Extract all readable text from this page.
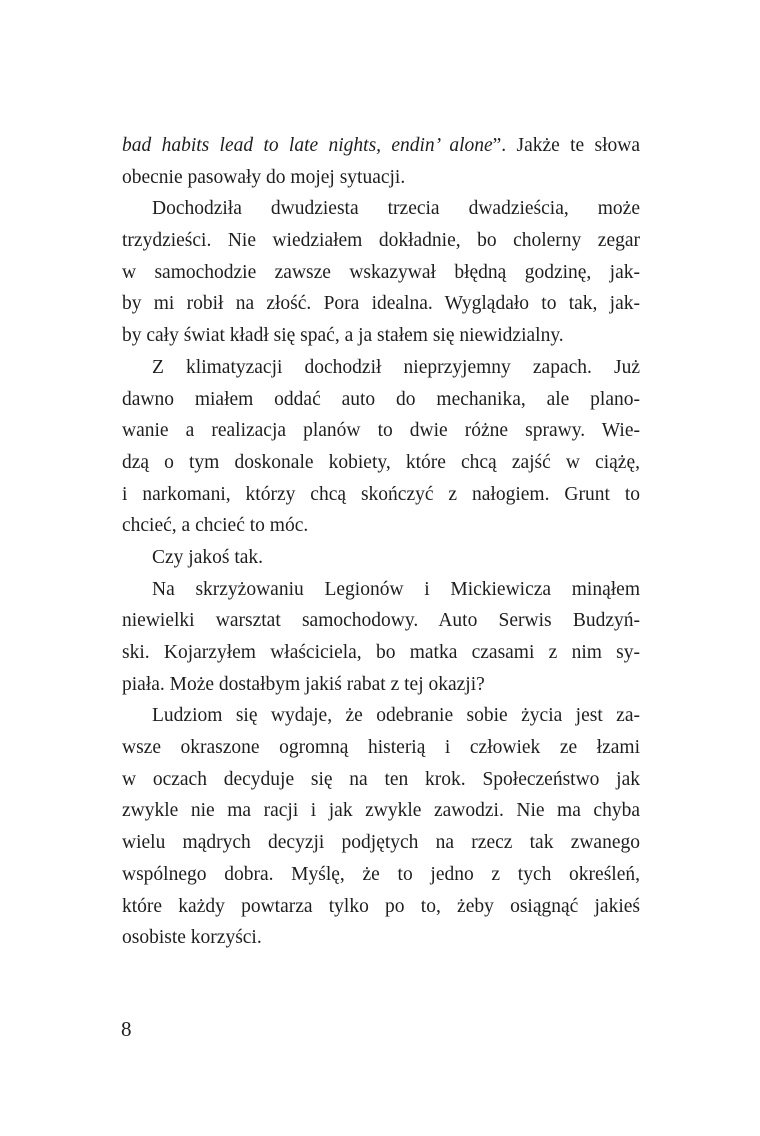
bad habits lead to late nights, endin’ alone”. Jakże te słowa
obecnie pasowały do mojej sytuacji.
Dochodziła dwudziesta trzecia dwadzieścia, może
trzydzieści. Nie wiedziałem dokładnie, bo cholerny zegar
w samochodzie zawsze wskazywał błędną godzinę, jak-
by mi robił na złość. Pora idealna. Wyglądało to tak, jak-
by cały świat kładł się spać, a ja stałem się niewidzialny.
Z klimatyzacji dochodził nieprzyjemny zapach. Już
dawno miałem oddać auto do mechanika, ale plano-
wanie a realizacja planów to dwie różne sprawy. Wie-
dzą o tym doskonale kobiety, które chcą zajść w ciążę,
i narkomani, którzy chcą skończyć z nałogiem. Grunt to
chcieć, a chcieć to móc.
Czy jakoś tak.
Na skrzyżowaniu Legionów i Mickiewicza minąłem
niewielki warsztat samochodowy. Auto Serwis Budzyń-
ski. Kojarzyłem właściciela, bo matka czasami z nim sy-
piała. Może dostałbym jakiś rabat z tej okazji?
Ludziom się wydaje, że odebranie sobie życia jest za-
wsze okraszone ogromną histerią i człowiek ze łzami
w oczach decyduje się na ten krok. Społeczeństwo jak
zwykle nie ma racji i jak zwykle zawodzi. Nie ma chyba
wielu mądrych decyzji podjętych na rzecz tak zwanego
wspólnego dobra. Myślę, że to jedno z tych określeń,
które każdy powtarza tylko po to, żeby osiągnąć jakieś
osobiste korzyści.
8
